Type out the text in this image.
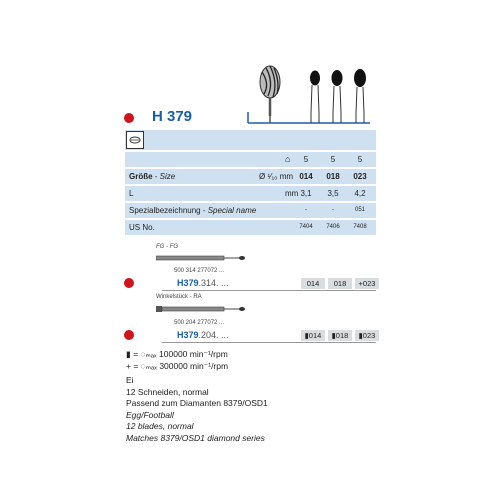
H 379
⌂	5	5	5
Größe - Size	Ø ¹⁄₁₀ mm 014	018	023
L	mm 3,1	3,5	4,2
Spezialbezeichnung - Special name	-	-	051
US No.	7404	7406	7408
FG - FG
500 314 277072 ...
H379.314. ...	014	018	+023
Winkelstück - RA
500 204 277072 ...
H379.204. ...	▮014	▮018	▮023
▮ = ◌ₘₐₓ 100000 min⁻¹/rpm
+ = ◌ₘₐₓ 300000 min⁻¹/rpm
Ei
12 Schneiden, normal
Passend zum Diamanten 8379/OSD1
Egg/Football
12 blades, normal
Matches 8379/OSD1 diamond series
